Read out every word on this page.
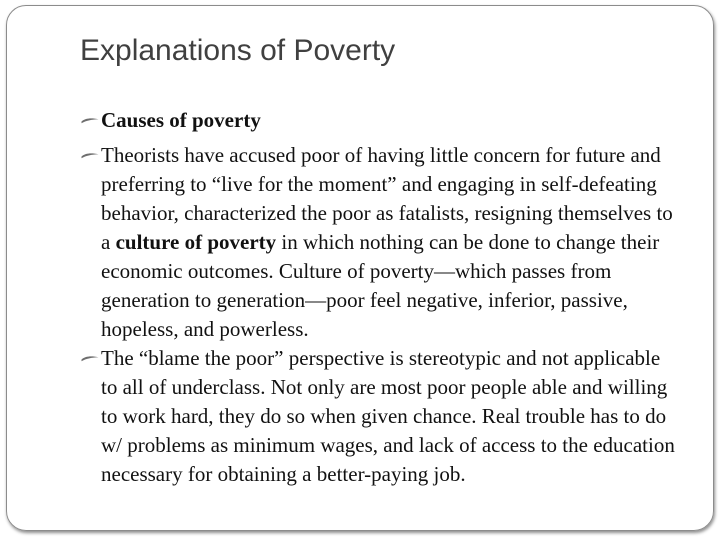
Explanations of Poverty
Causes of poverty
Theorists have accused poor of having little concern for future and preferring to “live for the moment” and engaging in self-defeating behavior, characterized the poor as fatalists, resigning themselves to a culture of poverty in which nothing can be done to change their economic outcomes. Culture of poverty—which passes from generation to generation—poor feel negative, inferior, passive, hopeless, and powerless.
The “blame the poor” perspective is stereotypic and not applicable to all of underclass. Not only are most poor people able and willing to work hard, they do so when given chance. Real trouble has to do w/ problems as minimum wages, and lack of access to the education necessary for obtaining a better-paying job.
